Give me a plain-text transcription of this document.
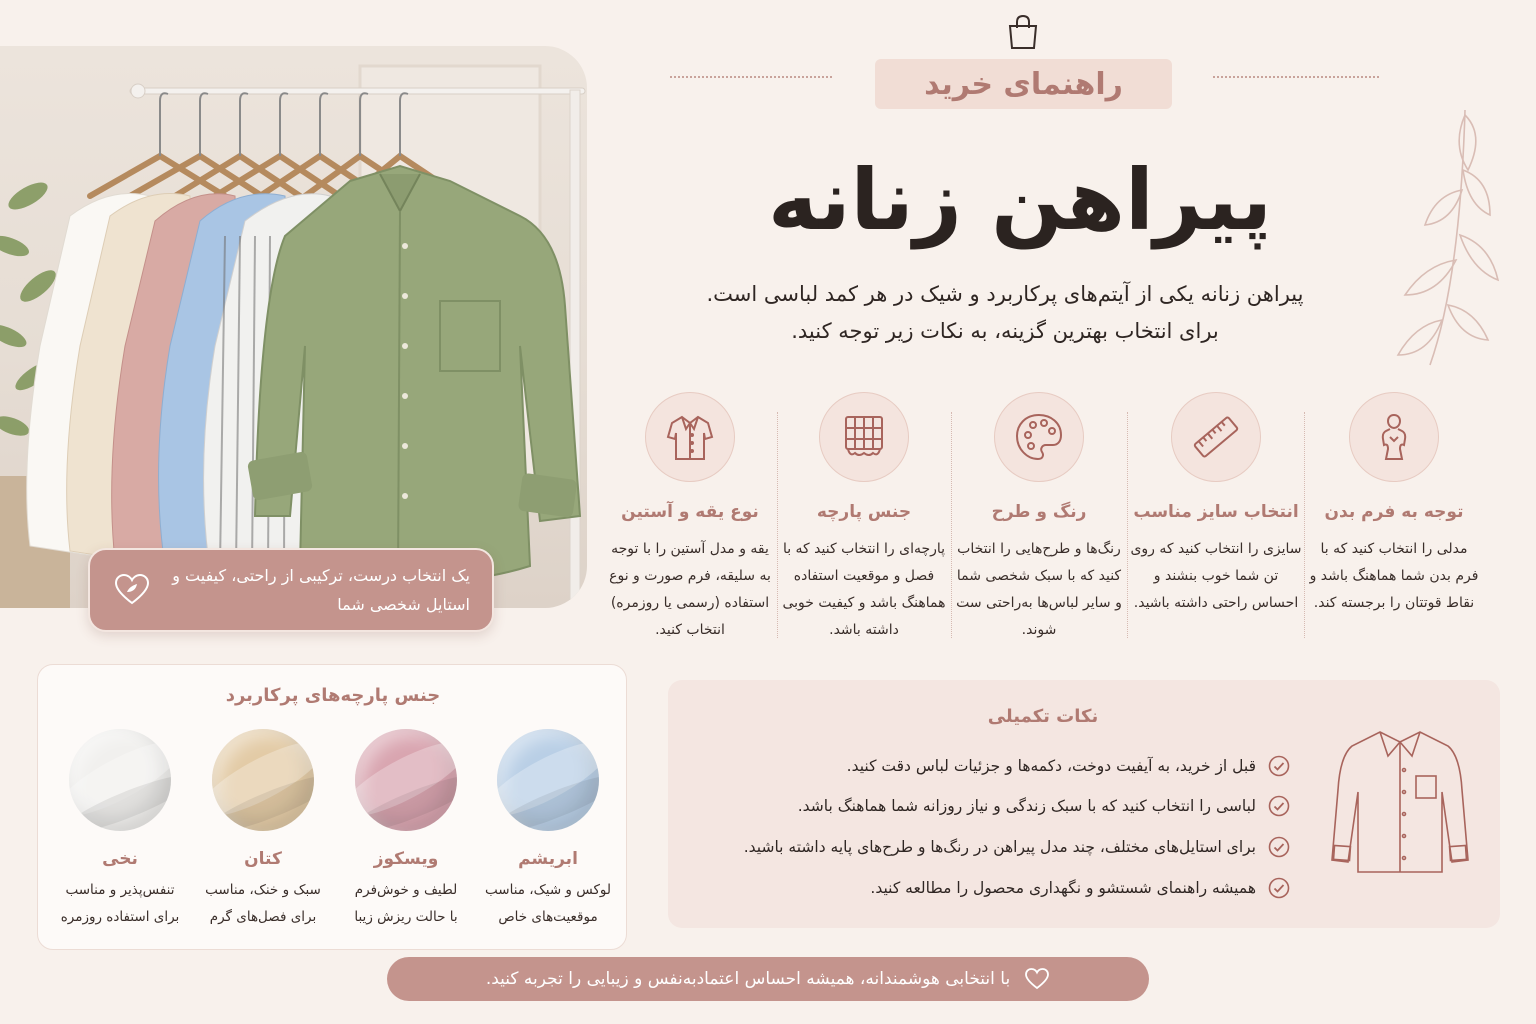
یک انتخاب درست، ترکیبی از راحتی، کیفیت و استایل شخصی شما
راهنمای خرید
پیراهن زنانه
پیراهن زنانه یکی از آیتم‌های پرکاربرد و شیک در هر کمد لباسی است.
برای انتخاب بهترین گزینه، به نکات زیر توجه کنید.
توجه به فرم بدن
مدلی را انتخاب کنید که با فرم بدن شما هماهنگ باشد و نقاط قوتتان را برجسته کند.
انتخاب سایز مناسب
سایزی را انتخاب کنید که روی تن شما خوب بنشند و احساس راحتی داشته باشید.
رنگ و طرح
رنگ‌ها و طرح‌هایی را انتخاب کنید که با سبک شخصی شما و سایر لباس‌ها به‌راحتی ست شوند.
جنس پارچه
پارچه‌ای را انتخاب کنید که با فصل و موقعیت استفاده هماهنگ باشد و کیفیت خوبی داشته باشد.
نوع یقه و آستین
یقه و مدل آستین را با توجه به سلیقه، فرم صورت و نوع استفاده (رسمی یا روزمره) انتخاب کنید.
جنس پارچه‌های پرکاربرد
ابریشم
لوکس و شیک، مناسب
موقعیت‌های خاص
ویسکوز
لطیف و خوش‌فرم
با حالت ریزش زیبا
کتان
سبک و خنک، مناسب
برای فصل‌های گرم
نخی
تنفس‌پذیر و مناسب
برای استفاده روزمره
نکات تکمیلی
قبل از خرید، به آیفیت دوخت، دکمه‌ها و جزئیات لباس دقت کنید.
لباسی را انتخاب کنید که با سبک زندگی و نیاز روزانه شما هماهنگ باشد.
برای استایل‌های مختلف، چند مدل پیراهن در رنگ‌ها و طرح‌های پایه داشته باشید.
همیشه راهنمای شستشو و نگهداری محصول را مطالعه کنید.
با انتخابی هوشمندانه، همیشه احساس اعتمادبه‌نفس و زیبایی را تجربه کنید.
